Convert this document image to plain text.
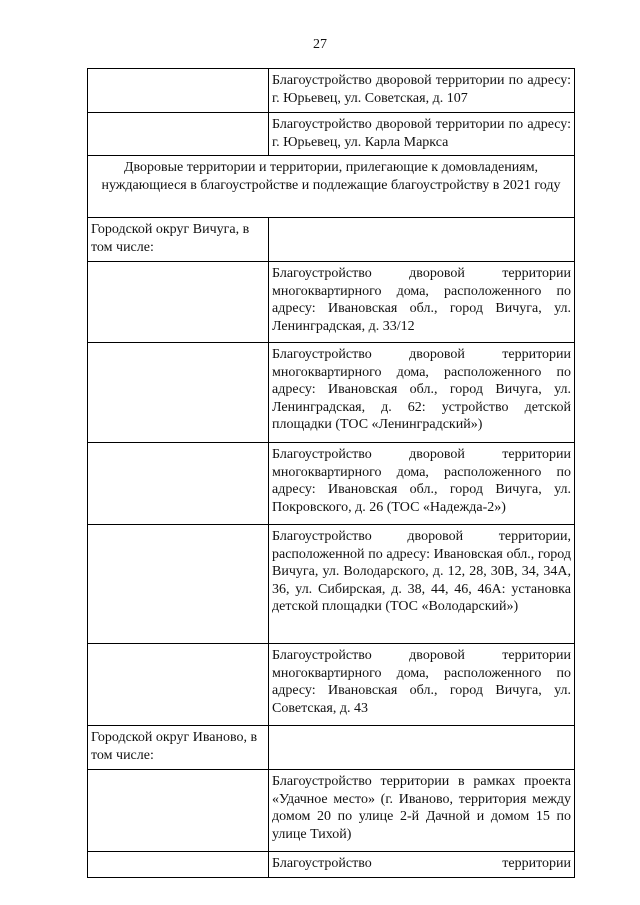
27
	Благоустройство дворовой территории по адресу: г. Юрьевец, ул. Советская, д. 107
	Благоустройство дворовой территории по адресу: г. Юрьевец, ул. Карла Маркса
Дворовые территории и территории, прилегающие к домовладениям, нуждающиеся в благоустройстве и подлежащие благоустройству в 2021 году	
Городской округ Вичуга, в том числе:	
	Благоустройство дворовой территории многоквартирного дома, расположенного по адресу: Ивановская обл., город Вичуга, ул. Ленинградская, д. 33/12
	Благоустройство дворовой территории многоквартирного дома, расположенного по адресу: Ивановская обл., город Вичуга, ул. Ленинградская, д. 62: устройство детской площадки (ТОС «Ленинградский»)
	Благоустройство дворовой территории многоквартирного дома, расположенного по адресу: Ивановская обл., город Вичуга, ул. Покровского, д. 26 (ТОС «Надежда-2»)
	Благоустройство дворовой территории, расположенной по адресу: Ивановская обл., город Вичуга, ул. Володарского, д. 12, 28, 30В, 34, 34А, 36, ул. Сибирская, д. 38, 44, 46, 46А: установка детской площадки (ТОС «Володарский»)
	Благоустройство дворовой территории многоквартирного дома, расположенного по адресу: Ивановская обл., город Вичуга, ул. Советская, д. 43
Городской округ Иваново, в том числе:	
	Благоустройство территории в рамках проекта «Удачное место» (г. Иваново, территория между домом 20 по улице 2-й Дачной и домом 15 по улице Тихой)
	Благоустройство территории
